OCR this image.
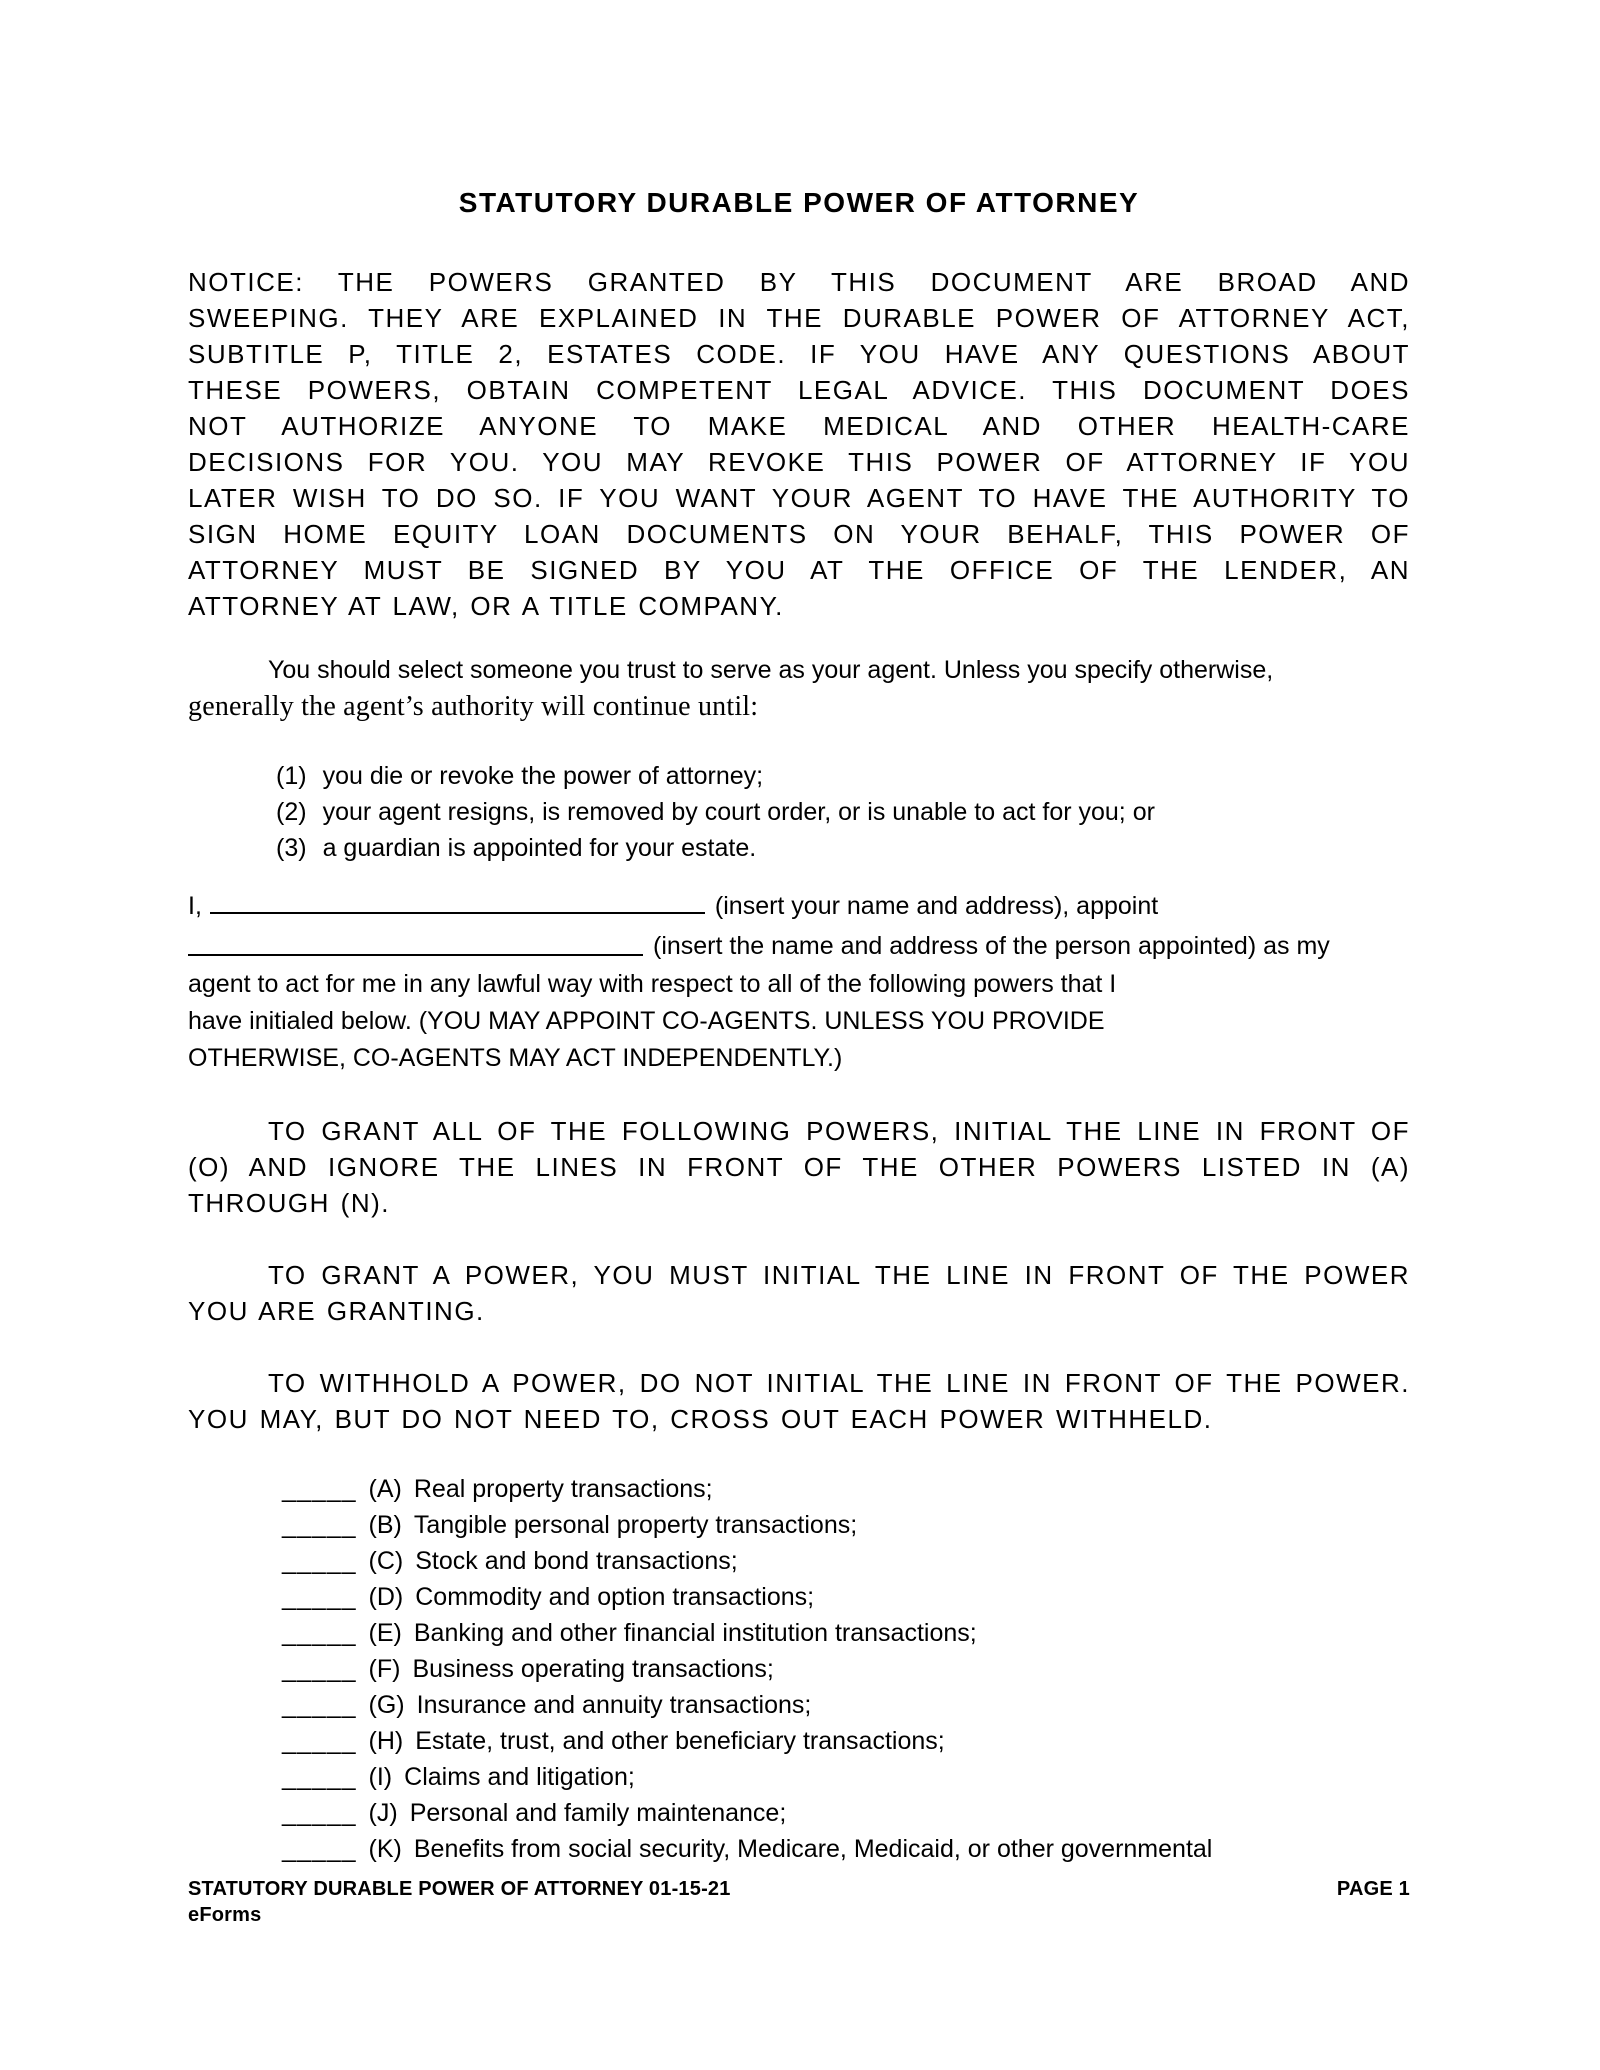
STATUTORY DURABLE POWER OF ATTORNEY
NOTICE: THE POWERS GRANTED BY THIS DOCUMENT ARE BROAD AND
SWEEPING. THEY ARE EXPLAINED IN THE DURABLE POWER OF ATTORNEY ACT,
SUBTITLE P, TITLE 2, ESTATES CODE. IF YOU HAVE ANY QUESTIONS ABOUT
THESE POWERS, OBTAIN COMPETENT LEGAL ADVICE. THIS DOCUMENT DOES
NOT AUTHORIZE ANYONE TO MAKE MEDICAL AND OTHER HEALTH-CARE
DECISIONS FOR YOU. YOU MAY REVOKE THIS POWER OF ATTORNEY IF YOU
LATER WISH TO DO SO. IF YOU WANT YOUR AGENT TO HAVE THE AUTHORITY TO
SIGN HOME EQUITY LOAN DOCUMENTS ON YOUR BEHALF, THIS POWER OF
ATTORNEY MUST BE SIGNED BY YOU AT THE OFFICE OF THE LENDER, AN
ATTORNEY AT LAW, OR A TITLE COMPANY.
You should select someone you trust to serve as your agent. Unless you specify otherwise,
generally the agent’s authority will continue until:
(1) you die or revoke the power of attorney;
(2) your agent resigns, is removed by court order, or is unable to act for you; or
(3) a guardian is appointed for your estate.
I,	(insert your name and address), appoint
(insert the name and address of the person appointed) as my
agent to act for me in any lawful way with respect to all of the following powers that I
have initialed below. (YOU MAY APPOINT CO-AGENTS. UNLESS YOU PROVIDE
OTHERWISE, CO-AGENTS MAY ACT INDEPENDENTLY.)
TO GRANT ALL OF THE FOLLOWING POWERS, INITIAL THE LINE IN FRONT OF
(O) AND IGNORE THE LINES IN FRONT OF THE OTHER POWERS LISTED IN (A)
THROUGH (N).
TO GRANT A POWER, YOU MUST INITIAL THE LINE IN FRONT OF THE POWER
YOU ARE GRANTING.
TO WITHHOLD A POWER, DO NOT INITIAL THE LINE IN FRONT OF THE POWER.
YOU MAY, BUT DO NOT NEED TO, CROSS OUT EACH POWER WITHHELD.
_____ (A) Real property transactions;
_____ (B) Tangible personal property transactions;
_____ (C) Stock and bond transactions;
_____ (D) Commodity and option transactions;
_____ (E) Banking and other financial institution transactions;
_____ (F) Business operating transactions;
_____ (G) Insurance and annuity transactions;
_____ (H) Estate, trust, and other beneficiary transactions;
_____ (I) Claims and litigation;
_____ (J) Personal and family maintenance;
_____ (K) Benefits from social security, Medicare, Medicaid, or other governmental
STATUTORY DURABLE POWER OF ATTORNEY 01-15-21
eForms
PAGE 1
